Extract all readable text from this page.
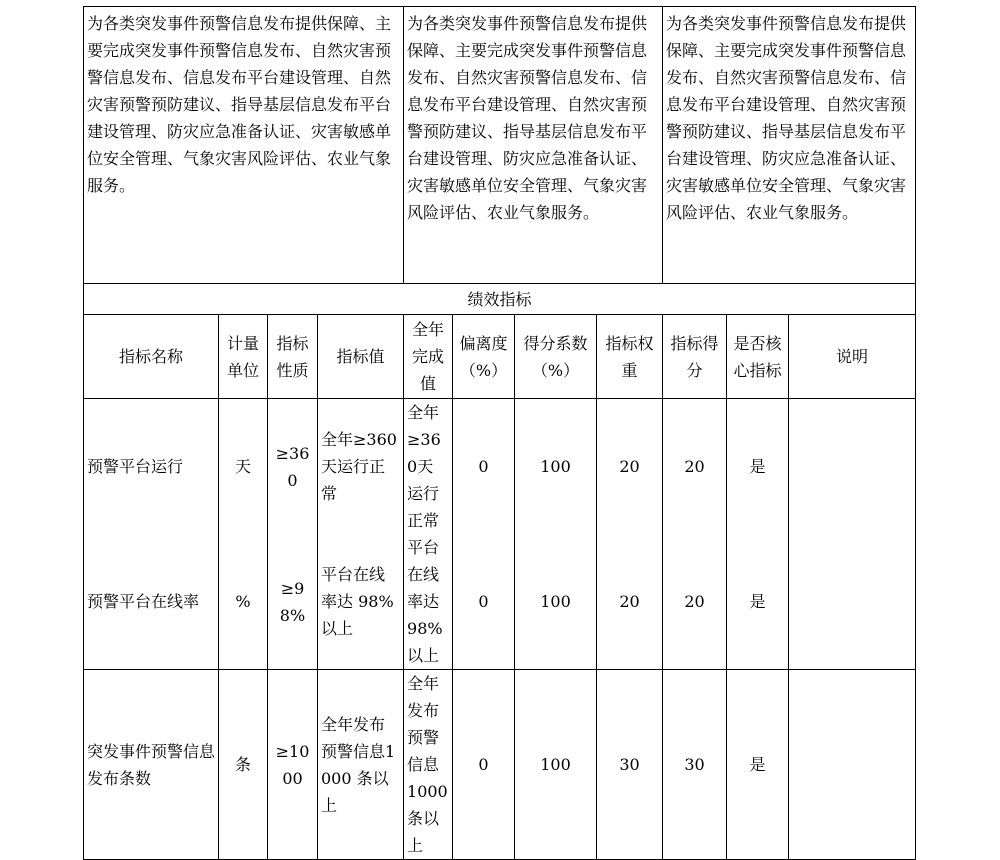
为各类突发事件预警信息发布提供保障、主要完成突发事件预警信息发布、自然灾害预警信息发布、信息发布平台建设管理、自然灾害预警预防建议、指导基层信息发布平台建设管理、防灾应急准备认证、灾害敏感单位安全管理、气象灾害风险评估、农业气象服务。				为各类突发事件预警信息发布提供保障、主要完成突发事件预警信息发布、自然灾害预警信息发布、信息发布平台建设管理、自然灾害预警预防建议、指导基层信息发布平台建设管理、防灾应急准备认证、灾害敏感单位安全管理、气象灾害风险评估、农业气象服务。				为各类突发事件预警信息发布提供保障、主要完成突发事件预警信息发布、自然灾害预警信息发布、信息发布平台建设管理、自然灾害预警预防建议、指导基层信息发布平台建设管理、防灾应急准备认证、灾害敏感单位安全管理、气象灾害风险评估、农业气象服务。		
绩效指标										
指标名称	计量单位	指标性质	指标值	全年完成值	偏离度（%）	得分系数（%）	指标权重	指标得分	是否核心指标	说明
预警平台运行	天	≥360	全年≥360 天运行正常	全年≥360天运行正常	0	100	20	20	是	
预警平台在线率	%	≥98%	平台在线率达 98%以上	平台在线率达98%以上	0	100	20	20	是	
突发事件预警信息发布条数	条	≥1000	全年发布预警信息1000 条以上	全年发布预警信息1000条以上	0	100	30	30	是	
